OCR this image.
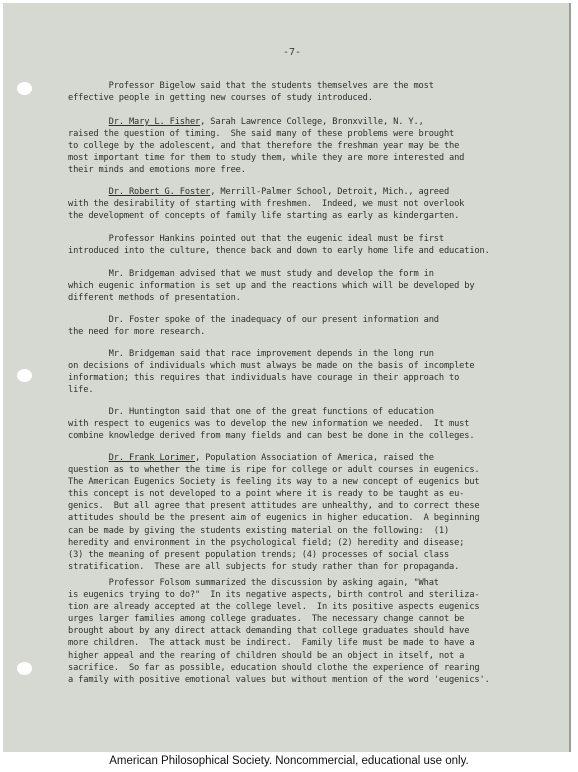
-7-
Professor Bigelow said that the students themselves are the most
effective people in getting new courses of study introduced.
Dr. Mary L. Fisher, Sarah Lawrence College, Bronxville, N. Y.,
raised the question of timing.  She said many of these problems were brought
to college by the adolescent, and that therefore the freshman year may be the
most important time for them to study them, while they are more interested and
their minds and emotions more free.
Dr. Robert G. Foster, Merrill-Palmer School, Detroit, Mich., agreed
with the desirability of starting with freshmen.  Indeed, we must not overlook
the development of concepts of family life starting as early as kindergarten.
Professor Hankins pointed out that the eugenic ideal must be first
introduced into the culture, thence back and down to early home life and education.
Mr. Bridgeman advised that we must study and develop the form in
which eugenic information is set up and the reactions which will be developed by
different methods of presentation.
Dr. Foster spoke of the inadequacy of our present information and
the need for more research.
Mr. Bridgeman said that race improvement depends in the long run
on decisions of individuals which must always be made on the basis of incomplete
information; this requires that individuals have courage in their approach to
life.
Dr. Huntington said that one of the great functions of education
with respect to eugenics was to develop the new information we needed.  It must
combine knowledge derived from many fields and can best be done in the colleges.
Dr. Frank Lorimer, Population Association of America, raised the
question as to whether the time is ripe for college or adult courses in eugenics.
The American Eugenics Society is feeling its way to a new concept of eugenics but
this concept is not developed to a point where it is ready to be taught as eu-
genics.  But all agree that present attitudes are unhealthy, and to correct these
attitudes should be the present aim of eugenics in higher education.  A beginning
can be made by giving the students existing material on the following:  (1)
heredity and environment in the psychological field; (2) heredity and disease;
(3) the meaning of present population trends; (4) processes of social class
stratification.  These are all subjects for study rather than for propaganda.
Professor Folsom summarized the discussion by asking again, "What
is eugenics trying to do?"  In its negative aspects, birth control and steriliza-
tion are already accepted at the college level.  In its positive aspects eugenics
urges larger families among college graduates.  The necessary change cannot be
brought about by any direct attack demanding that college graduates should have
more children.  The attack must be indirect.  Family life must be made to have a
higher appeal and the rearing of children should be an object in itself, not a
sacrifice.  So far as possible, education should clothe the experience of rearing
a family with positive emotional values but without mention of the word 'eugenics'.
American Philosophical Society. Noncommercial, educational use only.
